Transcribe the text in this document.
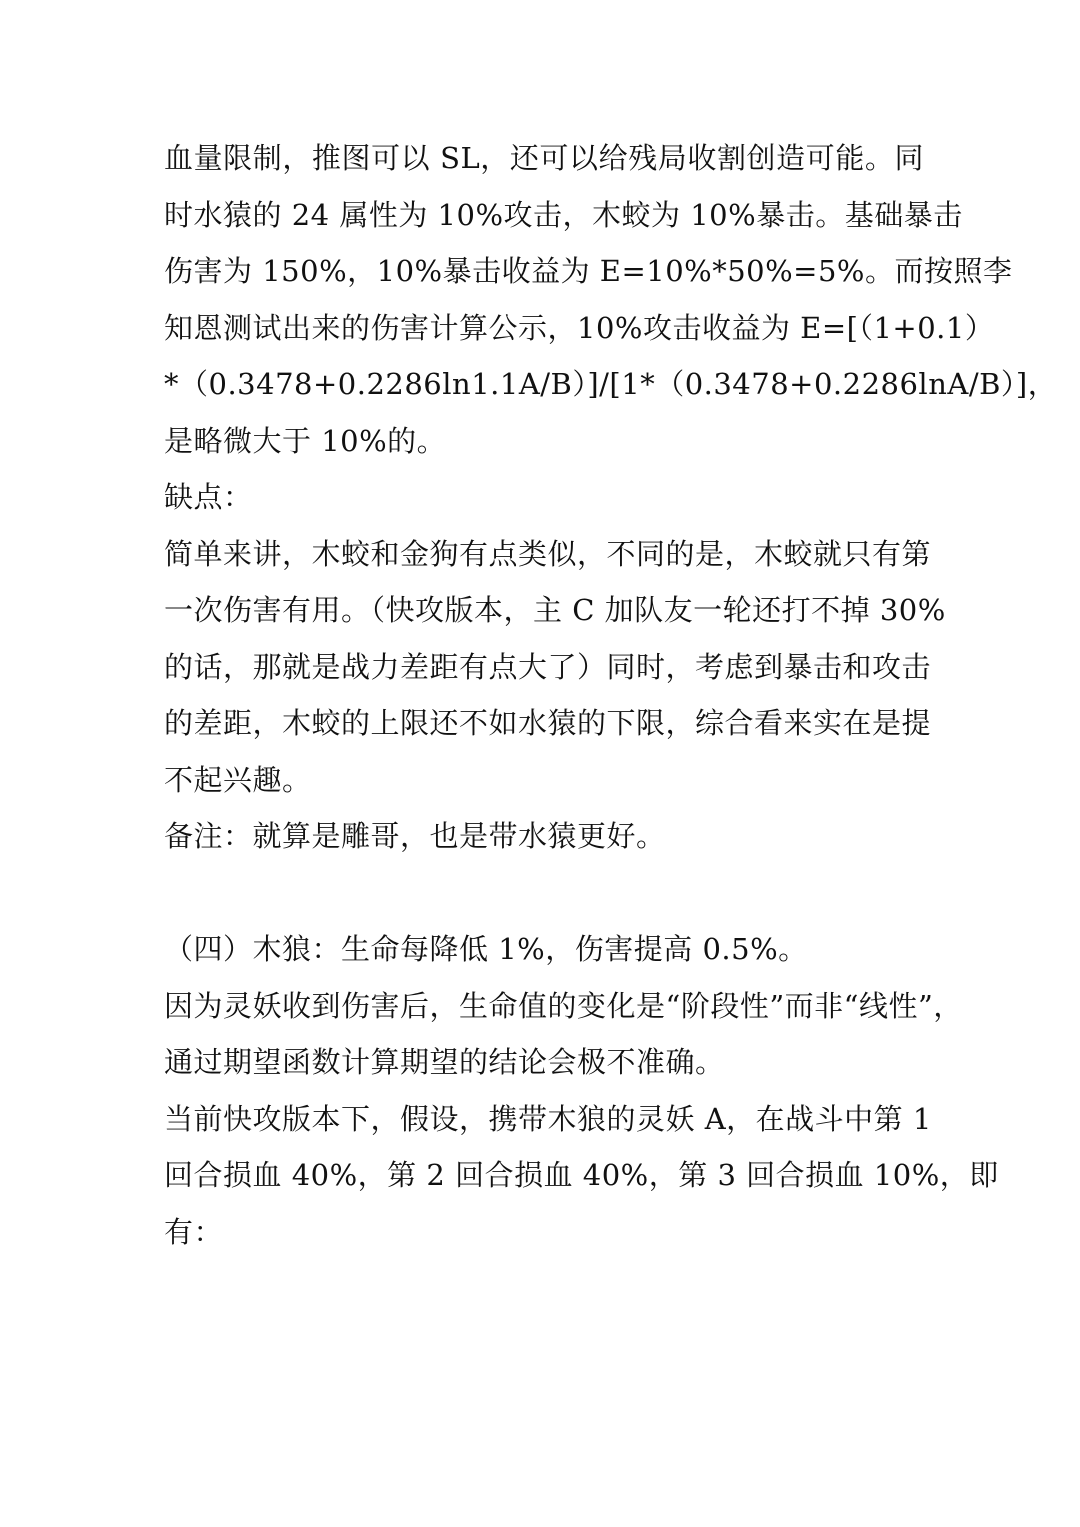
血量限制，推图可以 SL，还可以给残局收割创造可能。同
时水猿的 24 属性为 10%攻击，木蛟为 10%暴击。基础暴击
伤害为 150%，10%暴击收益为 E=10%*50%=5%。而按照李
知恩测试出来的伤害计算公示，10%攻击收益为 E=[（1+0.1）
*（0.3478+0.2286ln1.1A/B）]/[1*（0.3478+0.2286lnA/B）]，
是略微大于 10%的。
缺点：
简单来讲，木蛟和金狗有点类似，不同的是，木蛟就只有第
一次伤害有用。（快攻版本，主 C 加队友一轮还打不掉 30%
的话，那就是战力差距有点大了）同时，考虑到暴击和攻击
的差距，木蛟的上限还不如水猿的下限，综合看来实在是提
不起兴趣。
备注：就算是雕哥，也是带水猿更好。
（四）木狼：生命每降低 1%，伤害提高 0.5%。
因为灵妖收到伤害后，生命值的变化是“阶段性”而非“线性”，
通过期望函数计算期望的结论会极不准确。
当前快攻版本下，假设，携带木狼的灵妖 A，在战斗中第 1
回合损血 40%，第 2 回合损血 40%，第 3 回合损血 10%，即
有：
